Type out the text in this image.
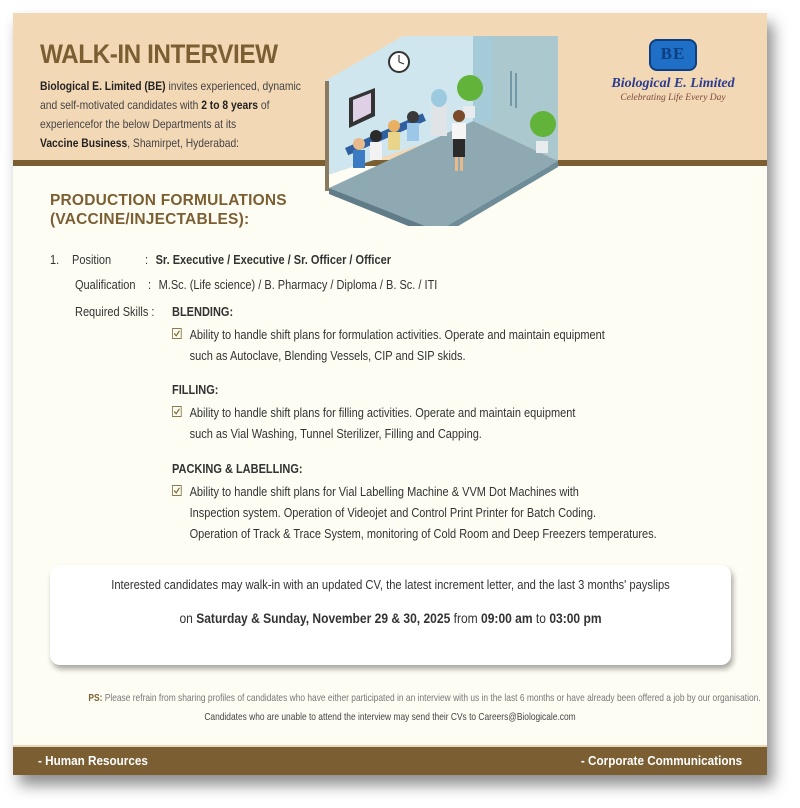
WALK-IN INTERVIEW
Biological E. Limited (BE) invites experienced, dynamic
and self-motivated candidates with 2 to 8 years of
experiencefor the below Departments at its
Vaccine Business, Shamirpet, Hyderabad:
BE
Biological E. Limited
Celebrating Life Every Day
PRODUCTION FORMULATIONS
(VACCINE/INJECTABLES):
1. Position	: Sr. Executive / Executive / Sr. Officer / Officer
Qualification : M.Sc. (Life science) / B. Pharmacy / Diploma / B. Sc. / ITI
Required Skills : BLENDING:
Ability to handle shift plans for formulation activities. Operate and maintain equipment
such as Autoclave, Blending Vessels, CIP and SIP skids.
FILLING:
Ability to handle shift plans for filling activities. Operate and maintain equipment
such as Vial Washing, Tunnel Sterilizer, Filling and Capping.
PACKING & LABELLING:
Ability to handle shift plans for Vial Labelling Machine & VVM Dot Machines with
Inspection system. Operation of Videojet and Control Print Printer for Batch Coding.
Operation of Track & Trace System, monitoring of Cold Room and Deep Freezers temperatures.
Interested candidates may walk-in with an updated CV, the latest increment letter, and the last 3 months' payslips
on Saturday & Sunday, November 29 & 30, 2025 from 09:00 am to 03:00 pm
PS: Please refrain from sharing profiles of candidates who have either participated in an interview with us in the last 6 months or have already been offered a job by our organisation.
Candidates who are unable to attend the interview may send their CVs to Careers@Biologicale.com
- Human Resources	- Corporate Communications
